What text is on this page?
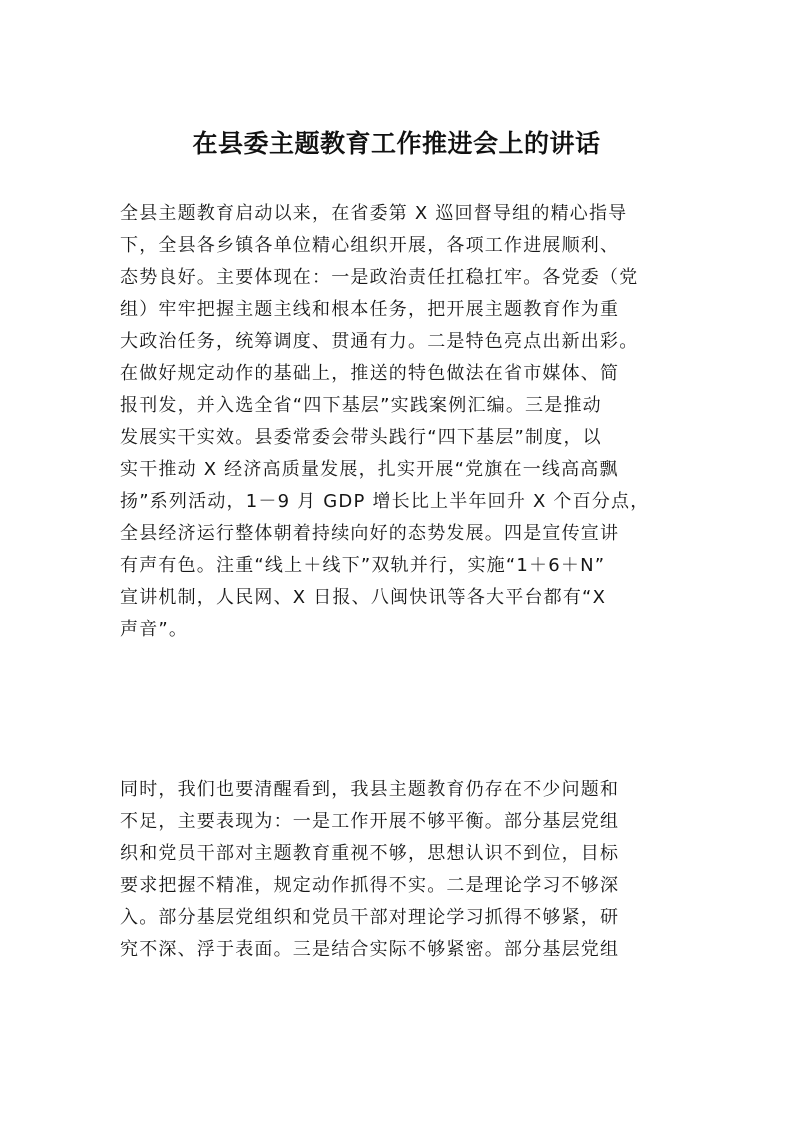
在县委主题教育工作推进会上的讲话
全县主题教育启动以来，在省委第 X 巡回督导组的精心指导
下，全县各乡镇各单位精心组织开展，各项工作进展顺利、
态势良好。主要体现在：一是政治责任扛稳扛牢。各党委（党
组）牢牢把握主题主线和根本任务，把开展主题教育作为重
大政治任务，统筹调度、贯通有力。二是特色亮点出新出彩。
在做好规定动作的基础上，推送的特色做法在省市媒体、简
报刊发，并入选全省“四下基层”实践案例汇编。三是推动
发展实干实效。县委常委会带头践行“四下基层”制度，以
实干推动 X 经济高质量发展，扎实开展“党旗在一线高高飘
扬”系列活动，1－9 月 GDP 增长比上半年回升 X 个百分点，
全县经济运行整体朝着持续向好的态势发展。四是宣传宣讲
有声有色。注重“线上＋线下”双轨并行，实施“1＋6＋N”
宣讲机制，人民网、X 日报、八闽快讯等各大平台都有“X
声音”。
同时，我们也要清醒看到，我县主题教育仍存在不少问题和
不足，主要表现为：一是工作开展不够平衡。部分基层党组
织和党员干部对主题教育重视不够，思想认识不到位，目标
要求把握不精准，规定动作抓得不实。二是理论学习不够深
入。部分基层党组织和党员干部对理论学习抓得不够紧，研
究不深、浮于表面。三是结合实际不够紧密。部分基层党组
